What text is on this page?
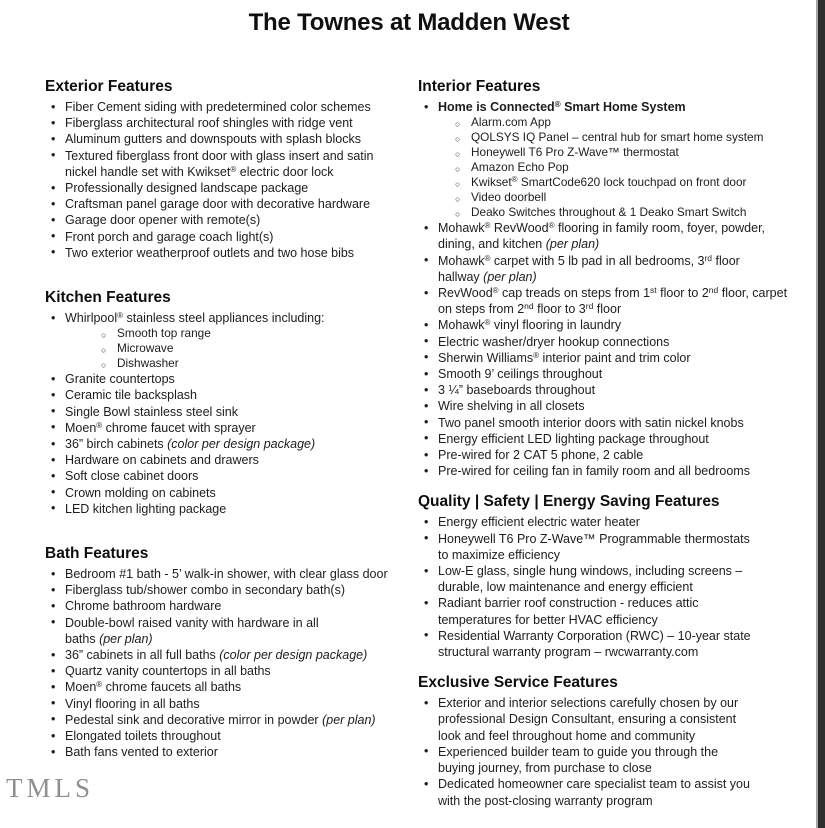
The Townes at Madden West
Exterior Features
• Fiber Cement siding with predetermined color schemes
• Fiberglass architectural roof shingles with ridge vent
• Aluminum gutters and downspouts with splash blocks
• Textured fiberglass front door with glass insert and satin
nickel handle set with Kwikset® electric door lock
• Professionally designed landscape package
• Craftsman panel garage door with decorative hardware
• Garage door opener with remote(s)
• Front porch and garage coach light(s)
• Two exterior weatherproof outlets and two hose bibs
Kitchen Features
• Whirlpool® stainless steel appliances including:
○ Smooth top range
○ Microwave
○ Dishwasher
• Granite countertops
• Ceramic tile backsplash
• Single Bowl stainless steel sink
• Moen® chrome faucet with sprayer
• 36” birch cabinets (color per design package)
• Hardware on cabinets and drawers
• Soft close cabinet doors
• Crown molding on cabinets
• LED kitchen lighting package
Bath Features
• Bedroom #1 bath - 5’ walk-in shower, with clear glass door
• Fiberglass tub/shower combo in secondary bath(s)
• Chrome bathroom hardware
• Double-bowl raised vanity with hardware in all
baths (per plan)
• 36” cabinets in all full baths (color per design package)
• Quartz vanity countertops in all baths
• Moen® chrome faucets all baths
• Vinyl flooring in all baths
• Pedestal sink and decorative mirror in powder (per plan)
• Elongated toilets throughout
• Bath fans vented to exterior
Interior Features
• Home is Connected® Smart Home System
○ Alarm.com App
○ QOLSYS IQ Panel – central hub for smart home system
○ Honeywell T6 Pro Z-Wave™ thermostat
○ Amazon Echo Pop
○ Kwikset® SmartCode620 lock touchpad on front door
○ Video doorbell
○ Deako Switches throughout & 1 Deako Smart Switch
• Mohawk® RevWood® flooring in family room, foyer, powder,
dining, and kitchen (per plan)
• Mohawk® carpet with 5 lb pad in all bedrooms, 3rd floor
hallway (per plan)
• RevWood® cap treads on steps from 1st floor to 2nd floor, carpet
on steps from 2nd floor to 3rd floor
• Mohawk® vinyl flooring in laundry
• Electric washer/dryer hookup connections
• Sherwin Williams® interior paint and trim color
• Smooth 9’ ceilings throughout
• 3 ¼” baseboards throughout
• Wire shelving in all closets
• Two panel smooth interior doors with satin nickel knobs
• Energy efficient LED lighting package throughout
• Pre-wired for 2 CAT 5 phone, 2 cable
• Pre-wired for ceiling fan in family room and all bedrooms
Quality | Safety | Energy Saving Features
• Energy efficient electric water heater
• Honeywell T6 Pro Z-Wave™ Programmable thermostats
to maximize efficiency
• Low-E glass, single hung windows, including screens –
durable, low maintenance and energy efficient
• Radiant barrier roof construction - reduces attic
temperatures for better HVAC efficiency
• Residential Warranty Corporation (RWC) – 10-year state
structural warranty program – rwcwarranty.com
Exclusive Service Features
• Exterior and interior selections carefully chosen by our
professional Design Consultant, ensuring a consistent
look and feel throughout home and community
• Experienced builder team to guide you through the
buying journey, from purchase to close
• Dedicated homeowner care specialist team to assist you
with the post-closing warranty program
TMLS
